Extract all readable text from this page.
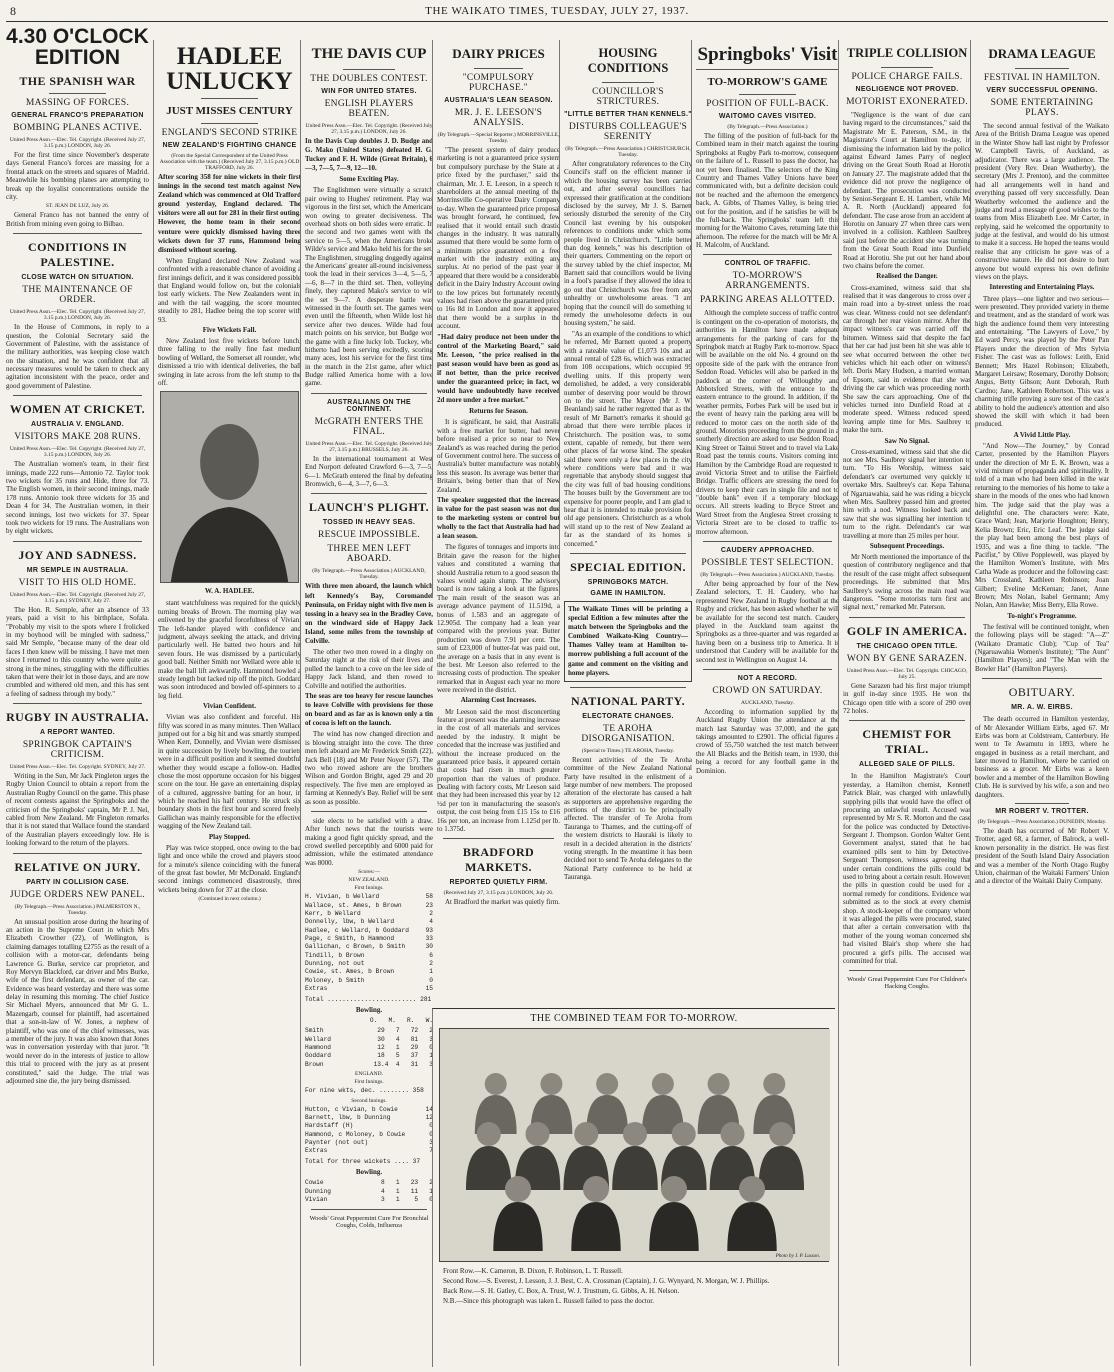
8	THE WAIKATO TIMES, TUESDAY, JULY 27, 1937.
4.30 O'CLOCK EDITION
THE SPANISH WAR
MASSING OF FORCES.
GENERAL FRANCO'S PREPARATION
BOMBING PLANES ACTIVE.
United Press Assn.—Elec. Tel. Copyright. (Received July 27, 3.15 p.m.) LONDON, July 26.

For the first time since November's desperate days General Franco's forces are massing for a frontal attack on the streets and squares of Madrid. Meanwhile his bombing planes are attempting to break up the loyalist concentrations outside the city.

ST. JEAN DE LUZ, July 26.

General Franco has not banned the entry of British from mining even going to Bilbao.

CONDITIONS IN PALESTINE.
CLOSE WATCH ON SITUATION.
THE MAINTENANCE OF ORDER.
United Press Assn.—Elec. Tel. Copyright. (Received July 27, 3.15 p.m.) LONDON, July 26.

In the House of Commons, in reply to a question, the Colonial Secretary said the Government of Palestine, with the assistance of the military authorities, was keeping close watch on the situation, and he was confident that all necessary measures would be taken to check any agitation inconsistent with the peace, order and good government of Palestine.

WOMEN AT CRICKET.
AUSTRALIA V. ENGLAND.
VISITORS MAKE 208 RUNS.
United Press Assn.—Elec. Tel. Copyright. (Received July 27, 3.15 p.m.) LONDON, July 26.

The Australian women's team, in their first innings, made 222 runs—Antonio 72. Taylor took two wickets for 35 runs and Hide, three for 73. The English women, in their second innings, made 178 runs. Antonio took three wickets for 35 and Dean 4 for 34. The Australian women, in their second innings, lost two wickets for 37. Spear took two wickets for 19 runs. The Australians won by eight wickets.

JOY AND SADNESS.
MR SEMPLE IN AUSTRALIA.
VISIT TO HIS OLD HOME.
United Press Assn.—Elec. Tel. Copyright. (Received July 27, 3.15 p.m.) SYDNEY, July 27.

The Hon. R. Semple, after an absence of 33 years, paid a visit to his birthplace, Sofala. "Probably my visit to the spots where I frolicked in my boyhood will be mingled with sadness," said Mr Semple, "because many of the dear old faces I then knew will be missing. I have met men since I returned to this country who were quite as strong in the mines, struggling with the difficulties taken that were their lot in those days, and are now crumbled and withered old men, and this has sent a feeling of sadness through my body."

RUGBY IN AUSTRALIA.
A REPORT WANTED.
SPRINGBOK CAPTAIN'S CRITICISM.
United Press Assn.—Elec. Tel. Copyright. SYDNEY, July 27.

Writing in the Sun, Mr Jack Pingleton urges the Rugby Union Council to obtain a report from the Australian Rugby Council on the game. This phase of recent contests against the Springboks and the criticism of the Springboks' captain, Mr P. J. Nel, cabled from New Zealand. Mr Fingleton remarks that it is not stated that Wallace found the standard of the Australian players exceedingly low. He is looking forward to the return of the players.

RELATIVE ON JURY.
PARTY IN COLLISION CASE.
JUDGE ORDERS NEW PANEL.
(By Telegraph.—Press Association.) PALMERSTON N., Tuesday.

An unusual position arose during the hearing of an action in the Supreme Court in which Mrs Elizabeth Crowther (22), of Wellington, is claiming damages totalling £2755 as the result of a collision with a motor-car, defendants being Lawrence G. Burke, service car proprietor, and Roy Mervyn Blackford, car driver and Mrs Burke, wife of the first defendant, as owner of the car. Evidence was heard yesterday and there was some delay in resuming this morning. The chief Justice Sir Michael Myers, announced that Mr G. L. Mazengarb, counsel for plaintiff, had ascertained that a son-in-law of W. Jones, a nephew of plaintiff, who was one of the chief witnesses, was a member of the jury. It was also known that Jones was in conversation yesterday with that juror. "It would never do in the interests of justice to allow this trial to proceed with the jury as at present constituted," said the Judge. The trial was adjourned sine die, the jury being dismissed.

HADLEE UNLUCKY
JUST MISSES CENTURY
ENGLAND'S SECOND STRIKE
NEW ZEALAND'S FIGHTING CHANCE
(From the Special Correspondent of the United Press Association with the team.) (Received July 27, 3.15 p.m.) OLD TRAFFORD, July 26.
After scoring 358 for nine wickets in their first innings in the second test match against New Zealand which was commenced at Old Trafford ground yesterday, England declared. The visitors were all out for 281 in their first outing. However, the home team in their second venture were quickly dismissed having three wickets down for 37 runs, Hammond being dismissed without scoring.

When England declared New Zealand was confronted with a reasonable chance of avoiding a first innings deficit, and it was considered possible that England would follow on, but the colonials lost early wickets. The New Zealanders went in, and with the tail wagging, the score mounted steadily to 281, Hadlee being the top scorer with 93.

Five Wickets Fall.

New Zealand lost five wickets before lunch, three falling to the really fine fast medium bowling of Wellard, the Somerset all rounder, who dismissed a trio with identical deliveries, the ball swinging in late across from the left stump to the off.

W. A. HADLEE.

stant watchfulness was required for the quickly turning breaks of Brown. The morning play was enlivened by the graceful forcefulness of Vivian. The left-hander played with confidence and judgment, always seeking the attack, and driving particularly well. He batted two hours and hit seven fours. He was dismissed by a particularly good ball. Neither Smith nor Wellard were able to make the ball lift awkwardly. Hammond bowled a steady length but lacked nip off the pitch. Goddard was soon introduced and bowled off-spinners to a leg field.

Vivian Confident.

Vivian was also confident and forceful. His fifty was scored in as many minutes. Then Wallace jumped out for a big hit and was smartly stumped. When Kerr, Donnelly, and Vivian were dismissed in quite succession by lively bowling, the touriets were in a difficult position and it seemed doubtful whether they would escape a follow-on. Hadlee chose the most opportune occasion for his biggest score on the tour. He gave an entertaining display of a cultured, aggressive batting for an hour, in which he reached his half century. He struck six boundary shots in the first hour and scored freely. Gallichan was mainly responsible for the effective wagging of the New Zealand tail.

Play Stopped.

Play was twice stopped, once owing to the bad light and once while the crowd and players stood for a minute's silence coinciding with the funeral of the great fast bowler, Mr McDonald. England's second innings commenced disastrously, three wickets being down for 37 at the close.

(Continued in next column.)
THE DAVIS CUP
THE DOUBLES CONTEST.
WIN FOR UNITED STATES.
ENGLISH PLAYERS BEATEN.
United Press Assn.—Elec. Tel. Copyright. (Received July 27, 3.15 p.m.) LONDON, July 26.
In the Davis Cup doubles J. D. Budge and G. Mako (United States) defeated H. G. Tuckey and F. H. Wilde (Great Britain), 6—3, 7—5, 7—9, 12—10.
Some Exciting Play.

The Englishmen were virtually a scratch pair owing to Hughes' retirement. Play was vigorous in the first set, which the Americans won owing to greater decisiveness. The overhead shots on both sides were erratic. In the second and two games went with the service to 5—5, when the Americans broke Wilde's service and Mako held his for the set. The Englishmen, struggling doggedly against the Americans' greater all-round incisiveness, took the lead in their services 3—4, 5—5, 7—6, 8—7 in the third set. Then, volleying finely, they captured Mako's service to win the set 9—7. A desperate battle was witnessed in the fourth set. The games were even until the fifteenth, when Wilde lost his service after two deuces. Wilde had four match points on his service, but Budge won the game with a fine lucky lob. Tuckey, who hitherto had been serving excitedly, scoring many aces, lost his service for the first time in the match in the 21st game, after which Budge rallied America home with a love game.

AUSTRALIANS ON THE CONTINENT.
McGRATH ENTERS THE FINAL.
United Press Assn.—Elec. Tel. Copyright. (Received July 27, 3.15 p.m.) BRUSSELS, July 26.

In the international tournament at West End Norport defeated Crawford 6—3, 7—5, 6—1. McGrath entered the final by defeating Bromwich, 6—4, 3—7, 6—3.

LAUNCH'S PLIGHT.
TOSSED IN HEAVY SEAS.
RESCUE IMPOSSIBLE.
THREE MEN LEFT ABOARD.
(By Telegraph.—Press Association.) AUCKLAND, Tuesday.
With three men aboard, the launch which left Kennedy's Bay, Coromandel Peninsula, on Friday night with five men is tossing in a heavy sea in the Bradley Cove, on the windward side of Happy Jack Island, some miles from the township of Colville.

The other two men rowed in a dinghy on Saturday night at the risk of their lives and pulled the launch to a cove on the lee side of Happy Jack Island, and then rowed to Colville and notified the authorities.

The seas are too heavy for rescue launches to leave Colville with provisions for those on board and as far as is known only a tin of cocoa is left on the launch.

The wind has now changed direction and is blowing straight into the cove. The three men left aboard are Mr Frederick Smith (22), Jack Bell (18) and Mr Peter Noyer (57). The two who rowed ashore are the brothers Wilson and Gordon Bright, aged 29 and 20 respectively. The five men are employed as farming at Kennedy's Bay. Relief will be sent as soon as possible.

side elects to be satisfied with a draw. After lunch news that the tourists were making a good fight quickly spread, and the crowd swelled perceptibly and 6000 paid for admission, while the estimated attendance was 8000.

Scores:—
NEW ZEALAND.
First Innings.
H. Vivian, b Wellard	58
Wallace, st. Ames, b Brown	23
Kerr, b Wellard	2
Donnelly, lbw, b Wellard	4
Hadlee, c Wellard, b Goddard	93
Page, c Smith, b Hammond	33
Gallichan, c Brown, b Smith	30
Tindill, b Brown	6
Dunning, not out	2
Cowie, st. Ames, b Brown	1
Moloney, b Smith	0
Extras	15
Total ........................ 281
Bowling.
O.   M.   R.   W.
Smith	29   7   72   2
Wellard	30   4   81   3
Hammond	12   1   29   0
Goddard	18   5   37   1
Brown	13.4  4   31   3
ENGLAND.
First Innings.
For nine wkts, dec. ........ 358
Second Innings.
Hutton, c Vivian, b Cowie	14
Barnett, lbw, b Dunning	12
Hardstaff (H)	0
Hammond, c Moloney, b Cowie	0
Paynter (not out)	3
Extras	7
Total for three wickets .... 37
Bowling.
Cowie	8   1   23   2
Dunning	4   1   11   1
Vivian	3   1    5   0
Woods' Great Peppermint Cure For Bronchial Coughs, Colds, Influenza
DAIRY PRICES
"COMPULSORY PURCHASE."
AUSTRALIA'S LEAN SEASON.
MR. J. E. LEESON'S ANALYSIS.
(By Telegraph.—Special Reporter.) MORRINSVILLE, Tuesday.

"The present system of dairy produce marketing is not a guaranteed price system but compulsory purchase by the State at a price fixed by the purchaser," said the chairman, Mr. J. E. Leeson, in a speech to shareholders at the annual meeting of the Morrinsville Co-operative Dairy Company to-day. When the guaranteed price proposal was brought forward, he continued, few realised that it would entail such drastic changes in the industry. It was naturally assumed that there would be some form of a minimum price guaranteed on a free market with the industry exiting any surplus. At no period of the past year it appeared that there would be a considerable deficit in the Dairy Industry Account owing to the low prices but fortunately recently values had risen above the guaranteed price to 16s 8d in London and now it appeared that there would be a surplus in the account.

"Had dairy produce not been under the control of the Marketing Board," said Mr. Leeson, "the price realised in the past season would have been as good as, if not better, than the price received under the guaranteed price; in fact, we would have undoubtedly have received 2d more under a free market."
Returns for Season.

It is significant, he said, that Australia with a free market for butter, had never before realised a price so near to New Zealand's as was reached during the period of Government control here. The success of Australia's butter manufacture was notably less this season. Its average was better than Britain's, being better than that of New Zealand.

The speaker suggested that the increase in value for the past season was not due to the marketing system or control but wholly to the fact that Australia had had a lean season.

The figures of tonnages and imports into Britain gave the reason for the higher values and constituted a warning that should Australia return to a good season the values would again slump. The advisory board is now taking a look at the figures. The main result of the season was an average advance payment of 11.519d, a bonus of 1.583 and an aggregate of 12.905d. The company had a lean year compared with the previous year. Butter production was down 7.91 per cent. The sum of £23,000 of butter-fat was paid out, the average on a basis that in any event is the best. Mr Leeson also referred to the increasing costs of production. The speaker remarked that in August each year no more were received in the district.

Alarming Cost Increases.

Mr Leeson said the most disconcerting feature at present was the alarming increase in the cost of all materials and services needed by the industry. It might be conceded that the increase was justified and without the increase produced on the guaranteed price basis, it appeared certain that costs had risen in much greater proportion than the values of produce. Dealing with factory costs, Mr Leeson said that they had been increased this year by 12 ½d per ton in manufacturing the season's output, the cost being from £15 15s to £16 16s per ton, an increase from 1.125d per lb. to 1.375d.

BRADFORD MARKETS.
REPORTED QUIETLY FIRM.
(Received July 27, 3.15 p.m.) LONDON, July 26.

At Bradford the market was quietly firm.

HOUSING CONDITIONS
COUNCILLOR'S STRICTURES.
"LITTLE BETTER THAN KENNELS."
DISTURBS COLLEAGUE'S SERENITY
(By Telegraph.—Press Association.) CHRISTCHURCH, Tuesday.

After congratulatory references to the City Council's staff on the efficient manner in which the housing survey has been carried out, and after several councillors had expressed their gratification at the conditions disclosed by the survey, Mr J. S. Barnett seriously disturbed the serenity of the City Council last evening by his outspoken references to conditions under which some people lived in Christchurch. "Little better than dog kennels," was his description of their quarters. Commenting on the report on the survey tabled by the chief inspector, Mr Barnett said that councillors would be living in a fool's paradise if they allowed the idea to go out that Christchurch was free from any unhealthy or unwholesome areas. "I am hoping that the council will do something to remedy the unwholesome defects in our housing system," he said.

"As an example of the conditions to which he referred, Mr Barnett quoted a property with a rateable value of £1,073 10s and an annual rental of £28 6s, which was extracted from 108 occupations, which occupied 99 dwelling units. If this property were demolished, he added, a very considerable number of deserving poor would be thrown on to the street. The Mayor (Mr J. W. Beanland) said he rather regretted that as the result of Mr Barnett's remarks it should go abroad that there were terrible places in Christchurch. The position was, to some extent, capable of remedy, but there were other places of far worse kind. The speaker said there were only a few places in the city where conditions were bad and it was regrettable that anybody should suggest that the city was full of bad housing conditions. The houses built by the Government are too expensive for poorer people, and I am glad to hear that it is intended to make provision for old age pensioners. Christchurch as a whole will stand up to the rest of New Zealand as far as the standard of its homes is concerned."

SPECIAL EDITION.
SPRINGBOKS MATCH.
GAME IN HAMILTON.
The Waikato Times will be printing a special Edition a few minutes after the match between the Springboks and the Combined Waikato-King Country—Thames Valley team at Hamilton to-morrow publishing a full account of the game and comment on the visiting and home players.
NATIONAL PARTY.
ELECTORATE CHANGES.
TE AROHA DISORGANISATION.
(Special to Times.) TE AROHA, Tuesday.

Recent activities of the Te Aroha committee of the New Zealand National Party have resulted in the enlistment of a large number of new members. The proposed alteration of the electorate has caused a halt as supporters are apprehensive regarding the portions of the district to be principally affected. The transfer of Te Aroha from Tauranga to Thames, and the cutting-off of the western districts to Hauraki is likely to result in a decided alteration in the districts' voting strength. In the meantime it has been decided not to send Te Aroha delegates to the National Party conference to be held at Tauranga.

Springboks' Visit
TO-MORROW'S GAME
POSITION OF FULL-BACK.
WAITOMO CAVES VISITED.
(By Telegraph.—Press Association.)

The filling of the position of full-back for the Combined team in their match against the touring Springboks at Rugby Park to-morrow, consequent on the failure of L. Russell to pass the doctor, has not yet been finalised. The selectors of the King Country and Thames Valley Unions have been communicated with, but a definite decision could not be reached and the afternoon the emergency back, A. Gibbs, of Thames Valley, is being tried out for the position, and if he satisfies he will be the full-back. The Springboks' team left this morning for the Waitomo Caves, returning late this afternoon. The referee for the match will be Mr A. H. Malcolm, of Auckland.

CONTROL OF TRAFFIC.
TO-MORROW'S ARRANGEMENTS.
PARKING AREAS ALLOTTED.

Although the complete success of traffic control is contingent on the co-operation of motorists, the authorities in Hamilton have made adequate arrangements for the parking of cars for the Springbok match at Rugby Park to-morrow. Space will be available on the old No. 4 ground on the opposite side of the park with the entrance from Seddon Road. Vehicles will also be parked in the paddock at the corner of Willoughby and Abbotsford Streets, with the entrance to the eastern entrance to the ground. In addition, if the weather permits, Forbes Park will be used but in the event of heavy rain the parking area will be reduced to motor cars on the north side of the ground. Motorists proceeding from the ground in a southerly direction are asked to use Seddon Road, King Street or Tainui Street and to travel via Lake Road past the tennis courts. Visitors coming into Hamilton by the Cambridge Road are requested to avoid Victoria Street and to utilise the Fairfield Bridge. Traffic officers are stressing the need for drivers to keep their cars in single file and not to "double bank" even if a temporary blockage occurs. All streets leading to Bryce Street and Ward Street from the Anglesea Street crossing to Victoria Street are to be closed to traffic to-morrow afternoon.

CAUDERY APPROACHED.
POSSIBLE TEST SELECTION.
(By Telegraph.—Press Association.) AUCKLAND, Tuesday.

After being approached by four of the New Zealand selectors, T. H. Caudery, who has represented New Zealand in Rugby football at the Rugby and cricket, has been asked whether he will be available for the second test match. Caudery played in the Auckland team against the Springboks as a three-quarter and was regarded as having been on a business trip to America. It is understood that Caudery will be available for the second test in Wellington on August 14.

NOT A RECORD.
CROWD ON SATURDAY.
AUCKLAND, Tuesday.

According to information supplied by the Auckland Rugby Union the attendance at the match last Saturday was 37,000, and the gate takings amounted to £2901. The official figures a crowd of 55,750 watched the test match between the All Blacks and the British team, in 1930, this being a record for any football game in the Dominion.

THE COMBINED TEAM FOR TO-MORROW.
Photo by J. P. Lusson.
Front Row.—K. Cameron, B. Dixon, F. Robinson, L. T. Russell.
Second Row.—S. Everest, J. Lesson, J. J. Best, C. A. Crossman (Captain), J. G. Wynyard, N. Morgan, W. J. Phillips.
Back Row.—S. H. Gatley, C. Box, A. Trust, W. J. Trusttum, G. Gibbs, A. H. Nelson.
N.B.—Since this photograph was taken L. Russell failed to pass the doctor.
TRIPLE COLLISION
POLICE CHARGE FAILS.
NEGLIGENCE NOT PROVED.
MOTORIST EXONERATED.

"Negligence is the want of due care having regard to the circumstances," said the Magistrate Mr E. Paterson, S.M., in the Magistrate's Court at Hamilton to-day, in dismissing the information laid by the police against Edward James Parry of neglect driving on the Great South Road at Horotiu on January 27. The magistrate added that the evidence did not prove the negligence of defendant. The prosecution was conducted by Senior-Sergeant E. H. Lambert, while Mr A. R. North (Auckland) appeared for defendant. The case arose from an accident at Horotiu on January 27 when three cars were involved in a collision. Kathleen Saulbrey said just before the accident she was turning from the Great South Road into Dunfield Road at Horotiu. She put out her hand about two chains before the corner.

Realised the Danger.

Cross-examined, witness said that she realised that it was dangerous to cross over a main road into a by-street unless the road was clear. Witness could not see defendant's car through her rear vision mirror. After the impact witness's car was carried off the bitumen. Witness said that despite the fact that her car had just been hit she was able to see what occurred between the other two vehicles which hit each other on witness's left. Doris Mary Hudson, a married woman, of Epsom, said in evidence that she was driving the car which was proceeding north. She saw the cars approaching. One of the vehicles turned into Dunfield Road at a moderate speed. Witness reduced speed, leaving ample time for Mrs. Saulbrey to make the turn.

Saw No Signal.

Cross-examined, witness said that she did not see Mrs. Saulbrey signal her intention to turn. "To His Worship, witness said defendant's car overturned very quickly to overtake Mrs. Saulbrey's car. Kepa Tahuna, of Ngaruawahia, said he was riding a bicycle when Mrs. Saulbrey passed him and greeted him with a nod. Witness looked back and saw that she was signalling her intention to turn to the right. Defendant's car was travelling at more than 25 miles per hour.

Subsequent Proceedings.

Mr North mentioned the importance of the question of contributory negligence and that the result of the case might affect subsequent proceedings. He submitted that Mrs. Saulbrey's swing across the main road was dangerous. "Some motorists turn first and signal next," remarked Mr. Paterson.

GOLF IN AMERICA.
THE CHICAGO OPEN TITLE.
WON BY GENE SARAZEN.
United Press Assn.—Elec. Tel. Copyright. CHICAGO, July 25.

Gene Sarazen had his first major triumph in golf in-day since 1935. He won the Chicago open title with a score of 290 over 72 holes.

CHEMIST FOR TRIAL.
ALLEGED SALE OF PILLS.

In the Hamilton Magistrate's Court yesterday, a Hamilton chemist, Kenneth Patrick Blair, was charged with unlawfully supplying pills that would have the effect of procuring an unlawful result. Accused was represented by Mr S. R. Morton and the case for the police was conducted by Detective-Sergeant J. Thompson. Gordon Walter Gent, Government analyst, stated that he had examined pills sent to him by Detective-Sergeant Thompson, witness agreeing that under certain conditions the pills could be used to bring about a certain result. However, the pills in question could be used for a normal remedy for conditions. Evidence was submitted as to the stock at every chemist shop. A stock-keeper of the company whom it was alleged the pills were procured, stated that after a certain conversation with the mother of the young woman concerned she had visited Blair's shop where she had procured a girl's pills. The accused was committed for trial.

Woods' Great Peppermint Cure For Children's Hacking Coughs.
DRAMA LEAGUE
FESTIVAL IN HAMILTON.
VERY SUCCESSFUL OPENING.
SOME ENTERTAINING PLAYS.

The second annual festival of the Waikato Area of the British Drama League was opened in the Winter Show hall last night by Professor W. Campbell Tavris, of Auckland, as adjudicator. There was a large audience. The president (Very Rev. Dean Weatherby), the secretary (Mrs J. Prenton), and the committee had all arrangements well in hand and everything passed off very successfully. Dean Weatherby welcomed the audience and the judge and read a message of good wishes to the teams from Miss Elizabeth Lee. Mr Carter, in replying, said he welcomed the opportunity to judge at the festival, and would do his utmost to make it a success. He hoped the teams would realise that any criticism he gave was of a constructive nature. He did not desire to hurt anyone but would express his own definite views on the plays.

Interesting and Entertaining Plays.

Three plays—one lighter and two serious—were presented. They provided variety in theme and treatment, and as the standard of work was high the audience found them very interesting and entertaining. "The Lawyers of Love," by Ed ward Percy, was played by the Peter Pan Players under the direction of Mrs Sylvia Fisher. The cast was as follows: Leith, Enid Bennett; Mrs Hazel Robinson; Elizabeth, Margaret Leirsaw; Rosemary, Dorothy Dobson; Angus, Betty Gibson; Aunt Deborah, Ruth Cardno; Jane, Kathleen Robertson. This was a charming trifle proving a sure test of the cast's ability to hold the audience's attention and also showed the skill with which it had been produced.

A Vivid Little Play.

"And Now—The Journey," by Conrad Carter, presented by the Hamilton Players under the direction of Mr E. K. Brown, was a vivid mixture of propaganda and spirituality. It told of a man who had been killed in the war returning to the memories of his home to take a share in the moods of the ones who had known him. The judge said that the play was a delightful one. The characters were: Kate, Grace Ward; Jean, Marjorie Houghton; Henry, Kelia Brown; Eric, Eric Leaf. The judge said the play had been among the best plays of 1935, and was a fine thing to tackle. "The Pacifist," by Olive Popplewell, was played by the Hamilton Women's Institute, with Mrs Catha Wade as producer and the following cast: Mrs Crossland, Kathleen Robinson; Joan Gilbert; Eveline McKernan; Janet, Anne Brown; Mrs Nolan, Isabel Germann; Amy Nolan, Ann Hawke; Miss Berry, Ella Rowe.

To-night's Programme.

The festival will be continued tonight, when the following plays will be staged: "A—Z" (Waikato Dramatic Club); "Cup of Tea" (Ngaruawahia Women's Institute); "The Aunt" (Hamilton Players); and "The Man with the Bowler Hat" (Hamilton Players).

OBITUARY.
MR. A. W. EIRBS.

The death occurred in Hamilton yesterday, of Mr Alexander William Eirbs, aged 67. Mr Eirbs was born at Coldstream, Canterbury. He went to Te Awamutu in 1893, where he engaged in business as a retail merchant, and later moved to Hamilton, where he carried on business as a grocer. Mr Eirbs was a keen bowler and a member of the Hamilton Bowling Club. He is survived by his wife, a son and two daughters.

MR ROBERT V. TROTTER.
(By Telegraph.—Press Association.) DUNEDIN, Monday.

The death has occurred of Mr Robert V. Trotter, aged 68, a farmer, of Balrock, a well-known personality in the district. He was first president of the South Island Dairy Association and was a member of the North Otago Rugby Union, chairman of the Waitaki Farmers' Union and a director of the Waitaki Dairy Company.
